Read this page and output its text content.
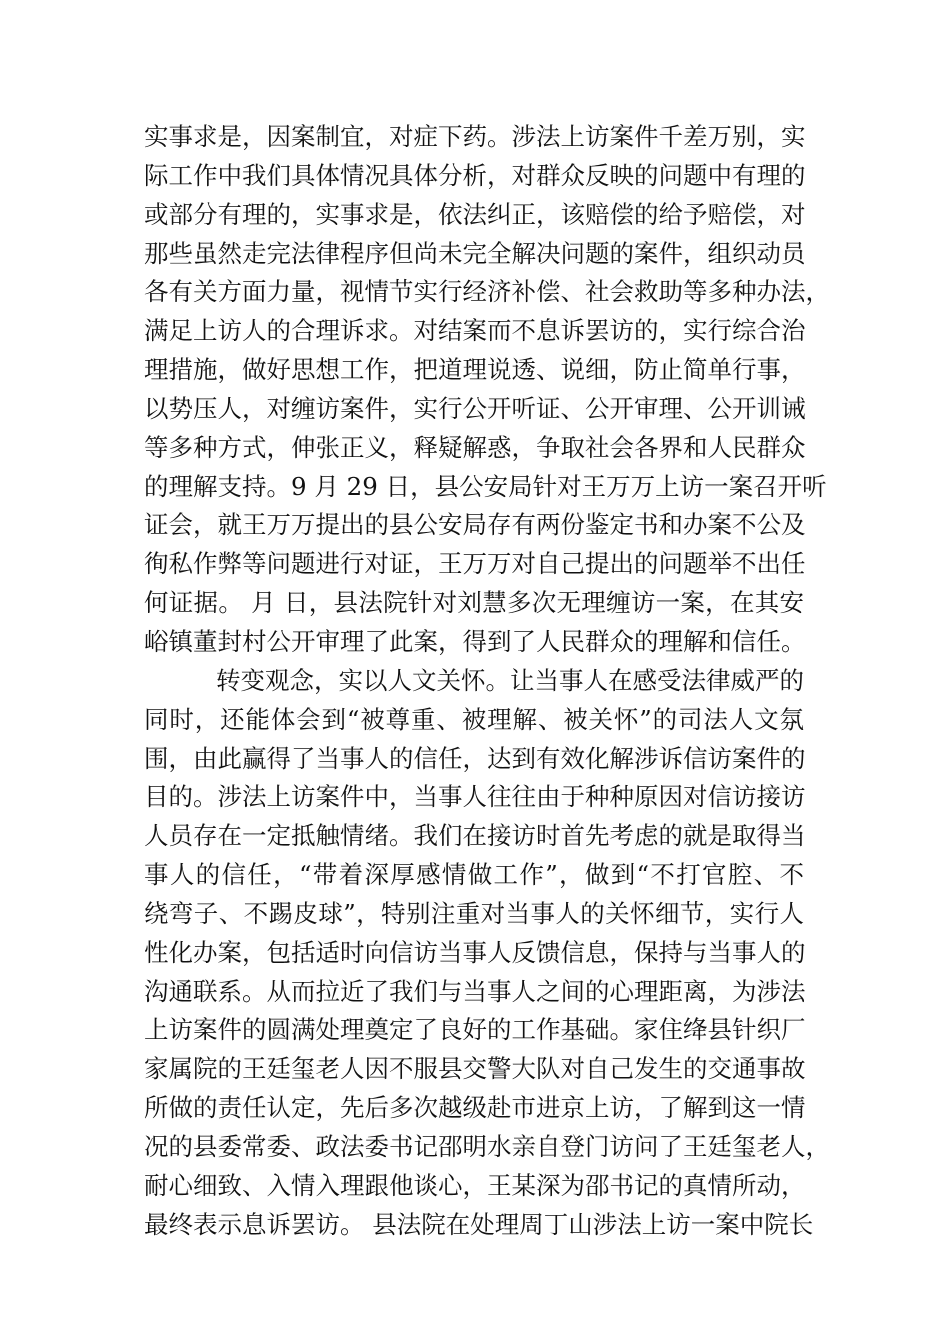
实事求是，因案制宜，对症下药。涉法上访案件千差万别，实
际工作中我们具体情况具体分析，对群众反映的问题中有理的
或部分有理的，实事求是，依法纠正，该赔偿的给予赔偿，对
那些虽然走完法律程序但尚未完全解决问题的案件，组织动员
各有关方面力量，视情节实行经济补偿、社会救助等多种办法，
满足上访人的合理诉求。对结案而不息诉罢访的，实行综合治
理措施，做好思想工作，把道理说透、说细，防止简单行事，
以势压人，对缠访案件，实行公开听证、公开审理、公开训诫
等多种方式，伸张正义，释疑解惑，争取社会各界和人民群众
的理解支持。9 月 29 日，县公安局针对王万万上访一案召开听
证会，就王万万提出的县公安局存有两份鉴定书和办案不公及
徇私作弊等问题进行对证，王万万对自己提出的问题举不出任
何证据。 月 日，县法院针对刘慧多次无理缠访一案，在其安
峪镇董封村公开审理了此案，得到了人民群众的理解和信任。
转变观念，实以人文关怀。让当事人在感受法律威严的
同时，还能体会到“被尊重、被理解、被关怀”的司法人文氛
围，由此赢得了当事人的信任，达到有效化解涉诉信访案件的
目的。涉法上访案件中，当事人往往由于种种原因对信访接访
人员存在一定抵触情绪。我们在接访时首先考虑的就是取得当
事人的信任，“带着深厚感情做工作”，做到“不打官腔、不
绕弯子、不踢皮球”，特别注重对当事人的关怀细节，实行人
性化办案，包括适时向信访当事人反馈信息，保持与当事人的
沟通联系。从而拉近了我们与当事人之间的心理距离，为涉法
上访案件的圆满处理奠定了良好的工作基础。家住绛县针织厂
家属院的王廷玺老人因不服县交警大队对自己发生的交通事故
所做的责任认定，先后多次越级赴市进京上访，了解到这一情
况的县委常委、政法委书记邵明水亲自登门访问了王廷玺老人，
耐心细致、入情入理跟他谈心，王某深为邵书记的真情所动，
最终表示息诉罢访。 县法院在处理周丁山涉法上访一案中院长
